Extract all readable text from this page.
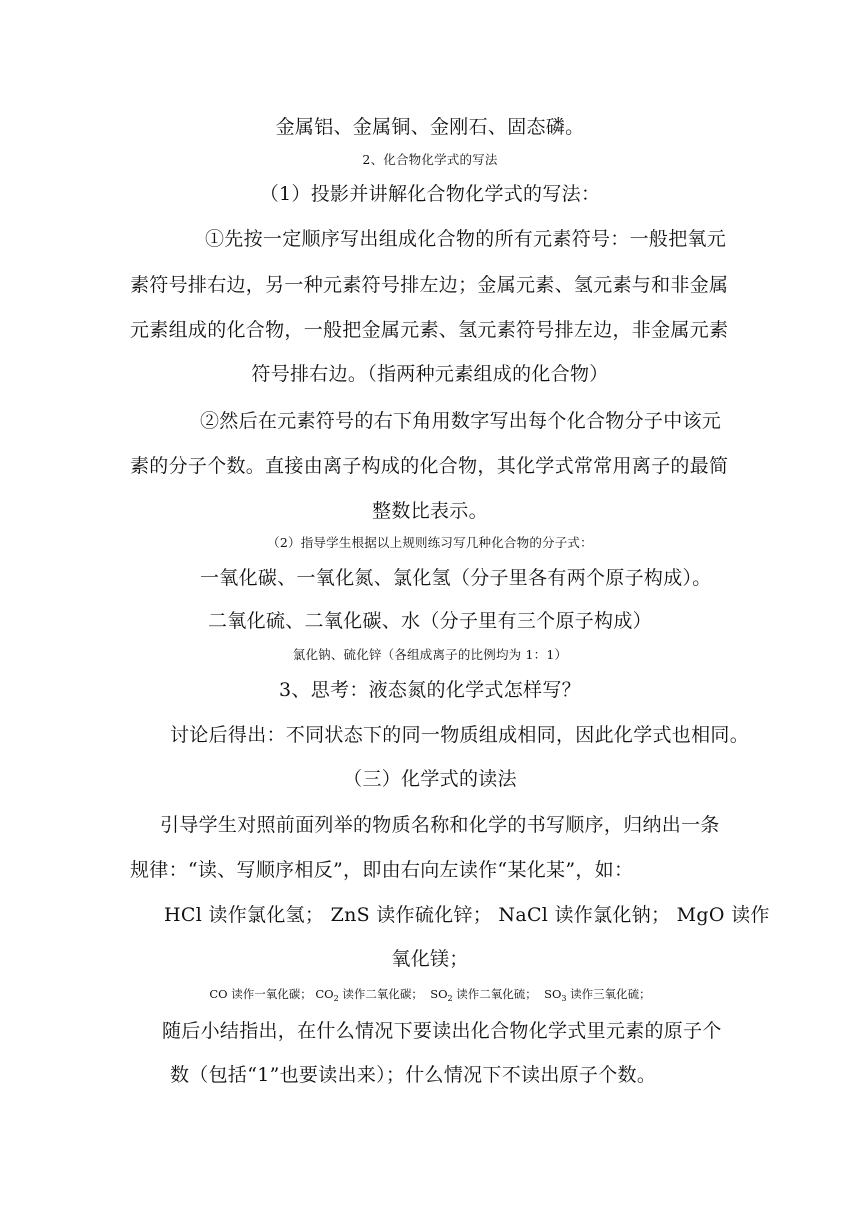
金属铝、金属铜、金刚石、固态磷。
2、化合物化学式的写法
（1）投影并讲解化合物化学式的写法：
①先按一定顺序写出组成化合物的所有元素符号：一般把氧元
素符号排右边，另一种元素符号排左边；金属元素、氢元素与和非金属
元素组成的化合物，一般把金属元素、氢元素符号排左边，非金属元素
符号排右边。（指两种元素组成的化合物）
②然后在元素符号的右下角用数字写出每个化合物分子中该元
素的分子个数。直接由离子构成的化合物，其化学式常常用离子的最简
整数比表示。
（2）指导学生根据以上规则练习写几种化合物的分子式：
一氧化碳、一氧化氮、氯化氢（分子里各有两个原子构成）。
二氧化硫、二氧化碳、水（分子里有三个原子构成）
氯化钠、硫化锌（各组成离子的比例均为 1：1）
3、思考：液态氮的化学式怎样写？
讨论后得出：不同状态下的同一物质组成相同，因此化学式也相同。
（三）化学式的读法
引导学生对照前面列举的物质名称和化学的书写顺序，归纳出一条
规律：“读、写顺序相反”，即由右向左读作“某化某”，如：
HCl 读作氯化氢； ZnS 读作硫化锌； NaCl 读作氯化钠； MgO 读作
氧化镁；
CO 读作一氧化碳； $CO_2$ 读作二氧化碳； $SO_2$ 读作二氧化硫； $SO_3$ 读作三氧化硫；
随后小结指出，在什么情况下要读出化合物化学式里元素的原子个
数（包括“1”也要读出来）；什么情况下不读出原子个数。
